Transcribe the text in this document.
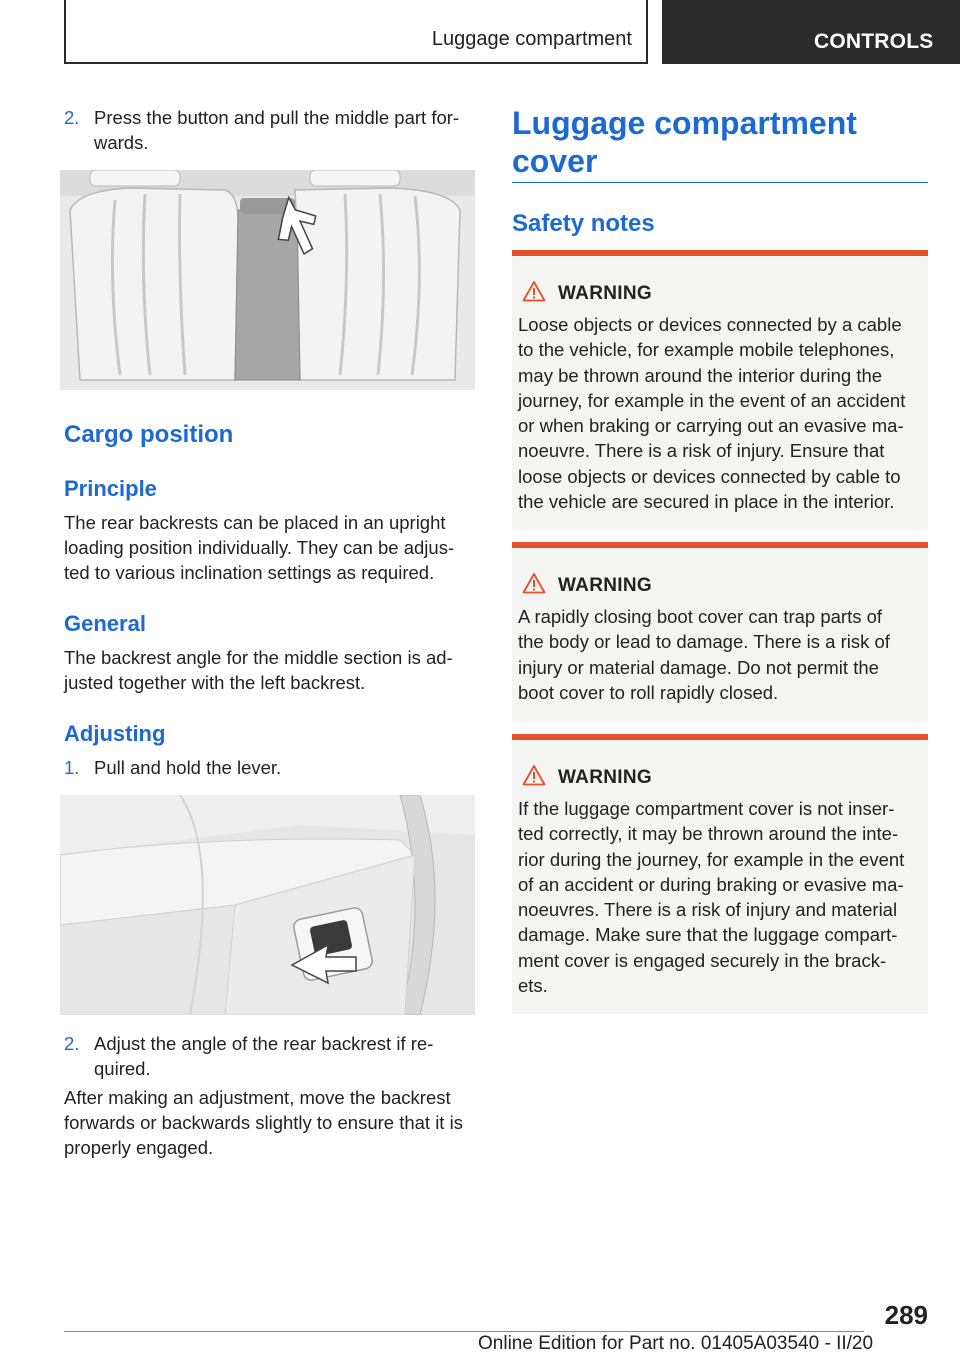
Luggage compartment	CONTROLS
2. Press the button and pull the middle part for‐
wards.
Cargo position
Principle
The rear backrests can be placed in an upright
loading position individually. They can be adjus‐
ted to various inclination settings as required.
General
The backrest angle for the middle section is ad‐
justed together with the left backrest.
Adjusting
1. Pull and hold the lever.
2. Adjust the angle of the rear backrest if re‐
quired.
After making an adjustment, move the backrest
forwards or backwards slightly to ensure that it is
properly engaged.
Luggage compartment
cover
Safety notes
WARNING
Loose objects or devices connected by a cable
to the vehicle, for example mobile telephones,
may be thrown around the interior during the
journey, for example in the event of an accident
or when braking or carrying out an evasive ma‐
noeuvre. There is a risk of injury. Ensure that
loose objects or devices connected by cable to
the vehicle are secured in place in the interior.
WARNING
A rapidly closing boot cover can trap parts of
the body or lead to damage. There is a risk of
injury or material damage. Do not permit the
boot cover to roll rapidly closed.
WARNING
If the luggage compartment cover is not inser‐
ted correctly, it may be thrown around the inte‐
rior during the journey, for example in the event
of an accident or during braking or evasive ma‐
noeuvres. There is a risk of injury and material
damage. Make sure that the luggage compart‐
ment cover is engaged securely in the brack‐
ets.
289
Online Edition for Part no. 01405A03540 - II/20
